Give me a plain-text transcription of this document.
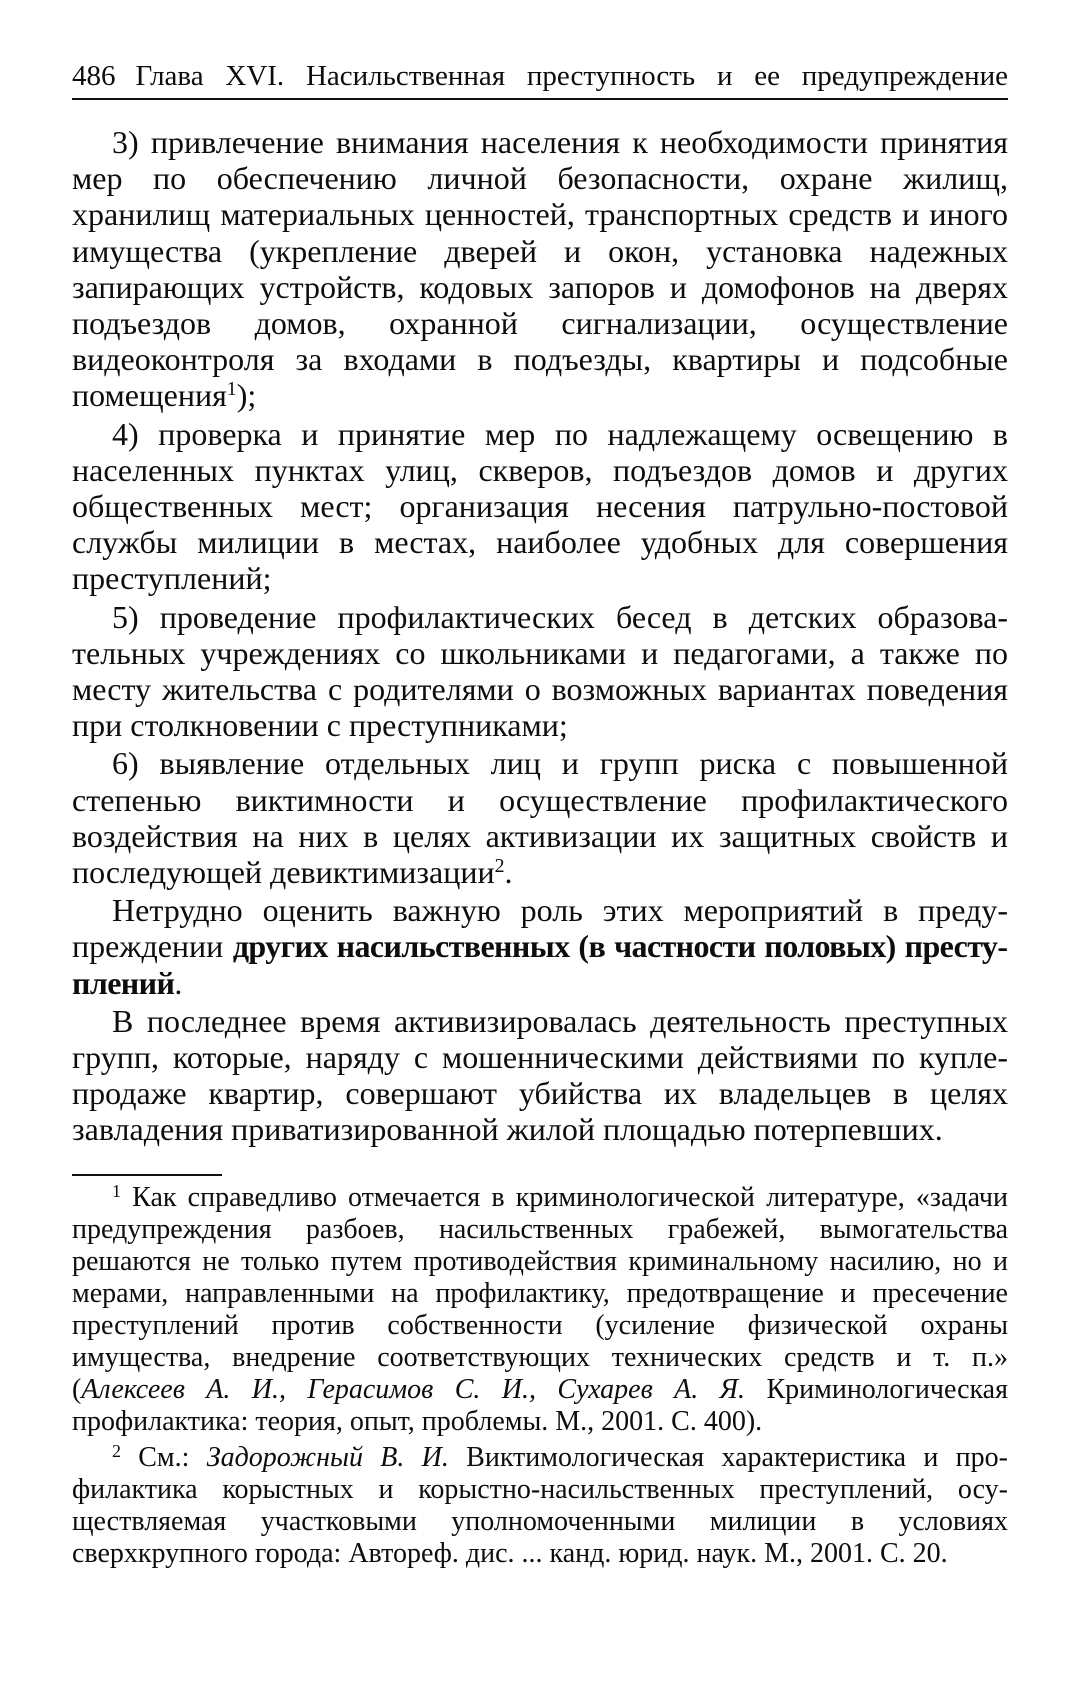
486 Глава XVI. Насильственная преступность и ее предупреждение

3) привлечение внимания населения к необходимости принятия мер по обеспечению личной безопасности, охране жилищ, хранилищ материальных ценностей, транспортных средств и иного имущества (укрепление дверей и окон, установка надежных запирающих устройств, кодовых запоров и домофонов на дверях подъездов домов, охранной сигнализации, осуществление видеоконтроля за входами в подъезды, квартиры и подсобные помещения$^1$);

4) проверка и принятие мер по надлежащему освещению в населенных пунктах улиц, скверов, подъездов домов и других общественных мест; организация несения патрульно-постовой службы милиции в местах, наиболее удобных для совершения преступлений;

5) проведение профилактических бесед в детских образовательных учреждениях со школьниками и педагогами, а также по месту жительства с родителями о возможных вариантах поведения при столкновении с преступниками;

6) выявление отдельных лиц и групп риска с повышенной степенью виктимности и осуществление профилактического воздействия на них в целях активизации их защитных свойств и последующей девиктимизации$^2$.

Нетрудно оценить важную роль этих мероприятий в предупреждении других насильственных (в частности половых) преступлений.

В последнее время активизировалась деятельность преступных групп, которые, наряду с мошенническими действиями по купле-продаже квартир, совершают убийства их владельцев в целях завладения приватизированной жилой площадью потерпевших.

$^1$ Как справедливо отмечается в криминологической литературе, «задачи предупреждения разбоев, насильственных грабежей, вымогательства решаются не только путем противодействия криминальному насилию, но и мерами, направленными на профилактику, предотвращение и пресечение преступлений против собственности (усиление физической охраны имущества, внедрение соответствующих технических средств и т. п.» (Алексеев А. И., Герасимов С. И., Сухарев А. Я. Криминологическая профилактика: теория, опыт, проблемы. М., 2001. С. 400).

$^2$ См.: Задорожный В. И. Виктимологическая характеристика и профилактика корыстных и корыстно-насильственных преступлений, осуществляемая участковыми уполномоченными милиции в условиях сверхкрупного города: Автореф. дис. ... канд. юрид. наук. М., 2001. С. 20.
